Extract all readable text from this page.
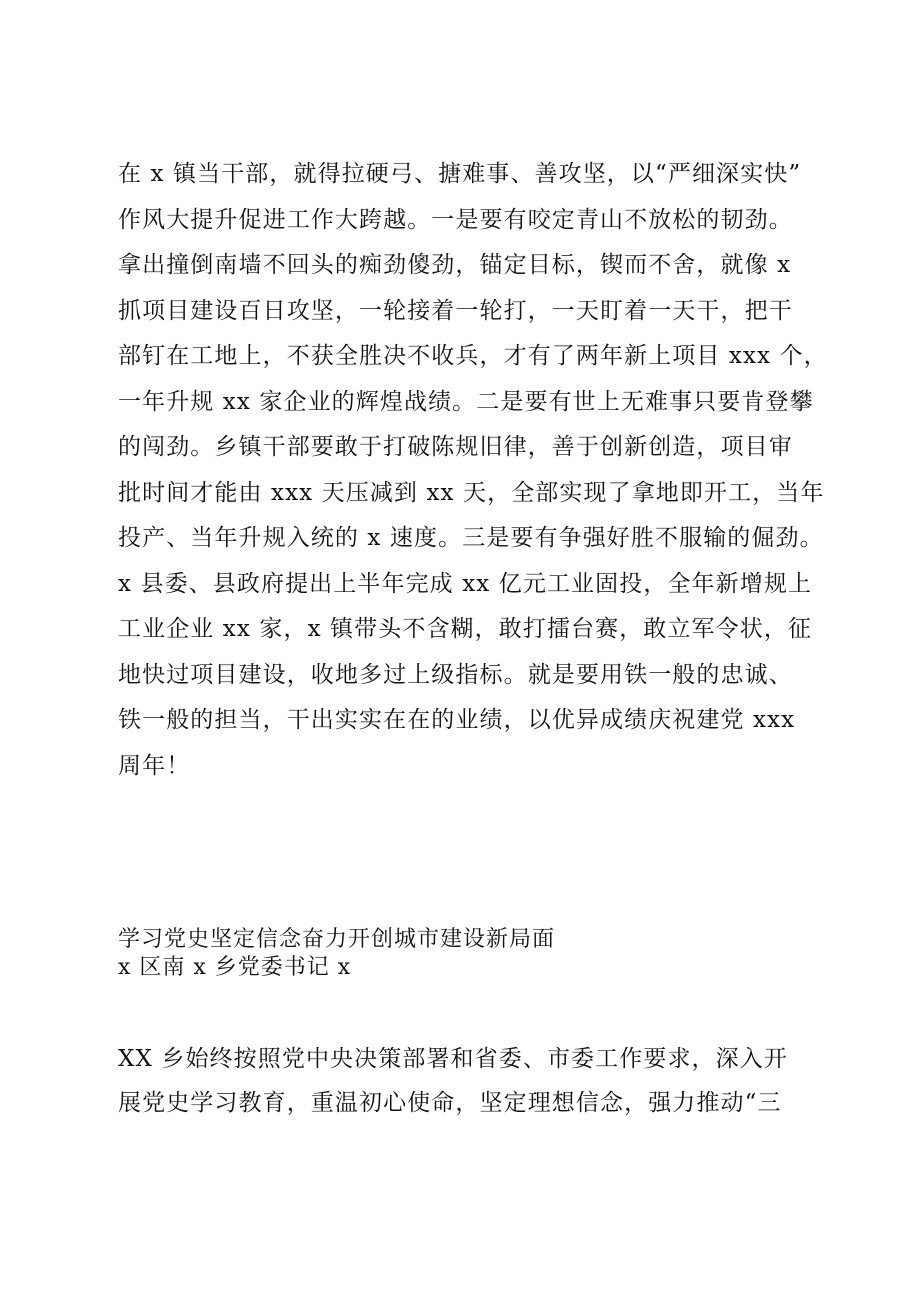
在 x 镇当干部，就得拉硬弓、搪难事、善攻坚，以“严细深实快”
作风大提升促进工作大跨越。一是要有咬定青山不放松的韧劲。
拿出撞倒南墙不回头的痴劲傻劲，锚定目标，锲而不舍，就像 x
抓项目建设百日攻坚，一轮接着一轮打，一天盯着一天干，把干
部钉在工地上，不获全胜决不收兵，才有了两年新上项目 xxx 个，
一年升规 xx 家企业的辉煌战绩。二是要有世上无难事只要肯登攀
的闯劲。乡镇干部要敢于打破陈规旧律，善于创新创造，项目审
批时间才能由 xxx 天压减到 xx 天，全部实现了拿地即开工，当年
投产、当年升规入统的 x 速度。三是要有争强好胜不服输的倔劲。
x 县委、县政府提出上半年完成 xx 亿元工业固投，全年新增规上
工业企业 xx 家，x 镇带头不含糊，敢打擂台赛，敢立军令状，征
地快过项目建设，收地多过上级指标。就是要用铁一般的忠诚、
铁一般的担当，干出实实在在的业绩，以优异成绩庆祝建党 xxx
周年！
学习党史坚定信念奋力开创城市建设新局面
x 区南 x 乡党委书记 x
XX 乡始终按照党中央决策部署和省委、市委工作要求，深入开
展党史学习教育，重温初心使命，坚定理想信念，强力推动“三
